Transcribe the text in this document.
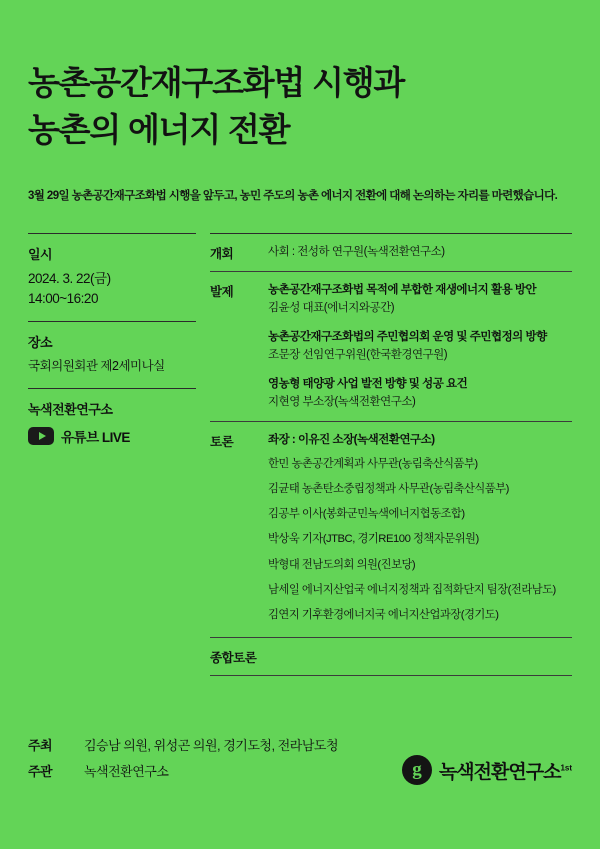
농촌공간재구조화법 시행과
농촌의 에너지 전환
3월 29일 농촌공간재구조화법 시행을 앞두고, 농민 주도의 농촌 에너지 전환에 대해 논의하는 자리를 마련했습니다.
일시
2024. 3. 22(금)
14:00~16:20
장소
국회의원회관 제2세미나실
녹색전환연구소
유튜브 LIVE
개회	사회 : 전성하 연구원(녹색전환연구소)
발제	농촌공간재구조화법 목적에 부합한 재생에너지 활용 방안
김윤성 대표(에너지와공간)
농촌공간재구조화법의 주민협의회 운영 및 주민협정의 방향
조문장 선임연구위원(한국환경연구원)
영농형 태양광 사업 발전 방향 및 성공 요건
지현영 부소장(녹색전환연구소)
토론	좌장 : 이유진 소장(녹색전환연구소)
한민 농촌공간계획과 사무관(농림축산식품부)
김균태 농촌탄소중립정책과 사무관(농림축산식품부)
김공부 이사(봉화군민녹색에너지협동조합)
박상욱 기자(JTBC, 경기RE100 정책자문위원)
박형대 전남도의회 의원(진보당)
남세일 에너지산업국 에너지정책과 집적화단지 팀장(전라남도)
김연지 기후환경에너지국 에너지산업과장(경기도)
종합토론
주최	김승남 의원, 위성곤 의원, 경기도청, 전라남도청
주관	녹색전환연구소	g 녹색전환연구소$^{1st}$
